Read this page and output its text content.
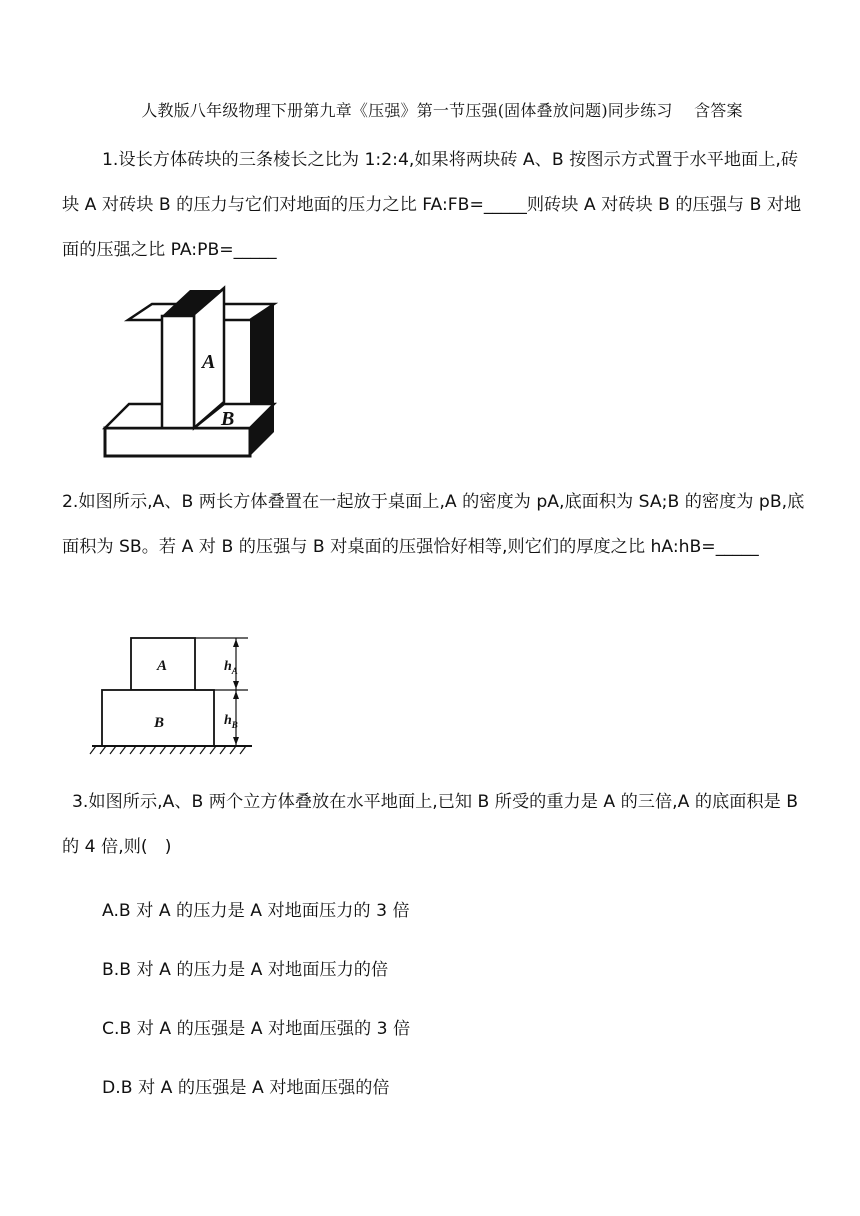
人教版八年级物理下册第九章《压强》第一节压强(固体叠放问题)同步练习　 含答案

1.设长方体砖块的三条棱长之比为 1:2:4,如果将两块砖 A、B 按图示方式置于水平地面上,砖块 A 对砖块 B 的压力与它们对地面的压力之比 FA:FB=_____则砖块 A 对砖块 B 的压强与 B 对地面的压强之比 PA:PB=_____

A
B

2.如图所示,A、B 两长方体叠置在一起放于桌面上,A 的密度为 pA,底面积为 SA;B 的密度为 pB,底面积为 SB。若 A 对 B 的压强与 B 对桌面的压强恰好相等,则它们的厚度之比 hA:hB=_____

A
B
$h_A$
$h_B$

3.如图所示,A、B 两个立方体叠放在水平地面上,已知 B 所受的重力是 A 的三倍,A 的底面积是 B 的 4 倍,则(　)

A.B 对 A 的压力是 A 对地面压力的 3 倍

B.B 对 A 的压力是 A 对地面压力的倍

C.B 对 A 的压强是 A 对地面压强的 3 倍

D.B 对 A 的压强是 A 对地面压强的倍
